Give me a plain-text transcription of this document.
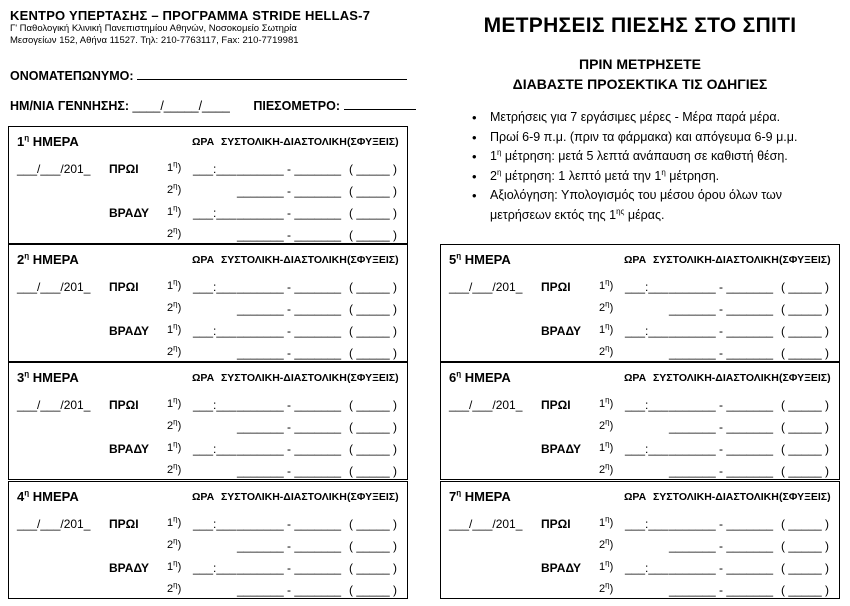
ΚΕΝΤΡΟ ΥΠΕΡΤΑΣΗΣ – ΠΡΟΓΡΑΜΜΑ STRIDE HELLAS-7
Γ' Παθολογική Κλινική Πανεπιστημίου Αθηνών, Νοσοκομείο Σωτηρία
Μεσογείων 152, Αθήνα 11527. Τηλ: 210-7763117, Fax: 210-7719981
ΟΝΟΜΑΤΕΠΩΝΥΜΟ:
ΗΜ/ΝΙΑ ΓΕΝΝΗΣΗΣ: ____/_____/____ ΠΙΕΣΟΜΕΤΡΟ:
ΜΕΤΡΗΣΕΙΣ ΠΙΕΣΗΣ ΣΤΟ ΣΠΙΤΙ
ΠΡΙΝ ΜΕΤΡΗΣΕΤΕ
ΔΙΑΒΑΣΤΕ ΠΡΟΣΕΚΤΙΚΑ ΤΙΣ ΟΔΗΓΙΕΣ
• Μετρήσεις για 7 εργάσιμες μέρες - Μέρα παρά μέρα.
• Πρωί 6-9 π.μ. (πριν τα φάρμακα) και απόγευμα 6-9 μ.μ.
• $1^\eta$ μέτρηση: μετά 5 λεπτά ανάπαυση σε καθιστή θέση.
• $2^\eta$ μέτρηση: 1 λεπτό μετά την $1^\eta$ μέτρηση.
• Αξιολόγηση: Υπολογισμός του μέσου όρου όλων των μετρήσεων εκτός της $1^{\eta\varsigma}$ μέρας.
$1^\eta$ ΗΜΕΡΑ	ΩΡΑ ΣΥΣΤΟΛΙΚΗ-ΔΙΑΣΤΟΛΙΚΗ (ΣΦΥΞΕΙΣ)
___/___/201_ ΠΡΩΙ	$1^\eta$) ___:___ _______ - _______ ( _____ )
$2^\eta$)	_______ - _______ ( _____ )
ΒΡΑΔΥ $1^\eta$) ___:___ _______ - _______ ( _____ )
$2^\eta$)	_______ - _______ ( _____ )
$2^\eta$ ΗΜΕΡΑ	ΩΡΑ ΣΥΣΤΟΛΙΚΗ-ΔΙΑΣΤΟΛΙΚΗ (ΣΦΥΞΕΙΣ)
___/___/201_ ΠΡΩΙ	$1^\eta$) ___:___ _______ - _______ ( _____ )
$2^\eta$)	_______ - _______ ( _____ )
ΒΡΑΔΥ $1^\eta$) ___:___ _______ - _______ ( _____ )
$2^\eta$)	_______ - _______ ( _____ )
$3^\eta$ ΗΜΕΡΑ	ΩΡΑ ΣΥΣΤΟΛΙΚΗ-ΔΙΑΣΤΟΛΙΚΗ (ΣΦΥΞΕΙΣ)
___/___/201_ ΠΡΩΙ	$1^\eta$) ___:___ _______ - _______ ( _____ )
$2^\eta$)	_______ - _______ ( _____ )
ΒΡΑΔΥ $1^\eta$) ___:___ _______ - _______ ( _____ )
$2^\eta$)	_______ - _______ ( _____ )
$4^\eta$ ΗΜΕΡΑ	ΩΡΑ ΣΥΣΤΟΛΙΚΗ-ΔΙΑΣΤΟΛΙΚΗ (ΣΦΥΞΕΙΣ)
___/___/201_ ΠΡΩΙ	$1^\eta$) ___:___ _______ - _______ ( _____ )
$2^\eta$)	_______ - _______ ( _____ )
ΒΡΑΔΥ $1^\eta$) ___:___ _______ - _______ ( _____ )
$2^\eta$)	_______ - _______ ( _____ )
$5^\eta$ ΗΜΕΡΑ	ΩΡΑ ΣΥΣΤΟΛΙΚΗ-ΔΙΑΣΤΟΛΙΚΗ (ΣΦΥΞΕΙΣ)
___/___/201_ ΠΡΩΙ	$1^\eta$) ___:___ _______ - _______ ( _____ )
$2^\eta$)	_______ - _______ ( _____ )
ΒΡΑΔΥ $1^\eta$) ___:___ _______ - _______ ( _____ )
$2^\eta$)	_______ - _______ ( _____ )
$6^\eta$ ΗΜΕΡΑ	ΩΡΑ ΣΥΣΤΟΛΙΚΗ-ΔΙΑΣΤΟΛΙΚΗ (ΣΦΥΞΕΙΣ)
___/___/201_ ΠΡΩΙ	$1^\eta$) ___:___ _______ - _______ ( _____ )
$2^\eta$)	_______ - _______ ( _____ )
ΒΡΑΔΥ $1^\eta$) ___:___ _______ - _______ ( _____ )
$2^\eta$)	_______ - _______ ( _____ )
$7^\eta$ ΗΜΕΡΑ	ΩΡΑ ΣΥΣΤΟΛΙΚΗ-ΔΙΑΣΤΟΛΙΚΗ (ΣΦΥΞΕΙΣ)
___/___/201_ ΠΡΩΙ	$1^\eta$) ___:___ _______ - _______ ( _____ )
$2^\eta$)	_______ - _______ ( _____ )
ΒΡΑΔΥ $1^\eta$) ___:___ _______ - _______ ( _____ )
$2^\eta$)	_______ - _______ ( _____ )
